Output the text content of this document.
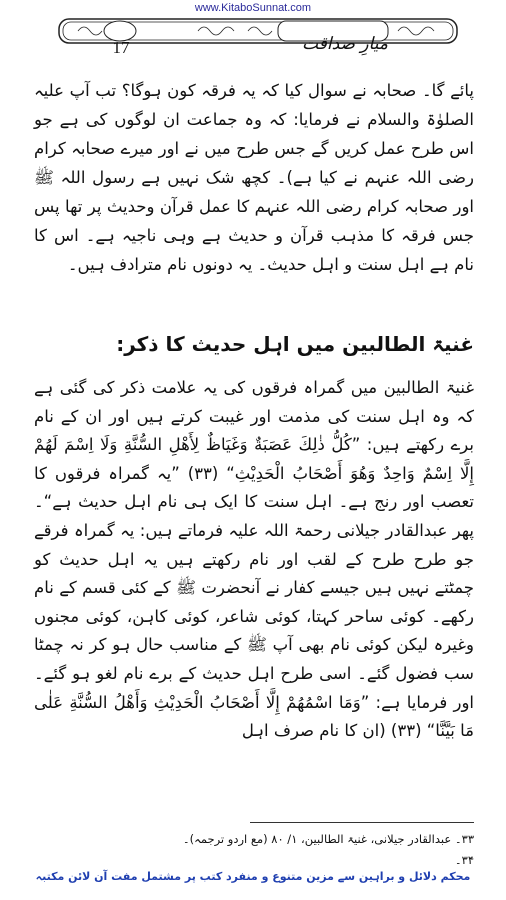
www.KitaboSunnat.com
17	میارِ صداقت

پائے گا۔ صحابہ نے سوال کیا کہ یہ فرقہ کون ہوگا؟ تب آپ علیہ الصلوٰۃ والسلام نے فرمایا: کہ وہ جماعت ان لوگوں کی ہے جو اس طرح عمل کریں گے جس طرح میں نے اور میرے صحابہ کرام رضی اللہ عنہم نے کیا ہے)۔ کچھ شک نہیں ہے رسول اللہ ﷺ اور صحابہ کرام رضی اللہ عنہم کا عمل قرآن وحدیث پر تھا پس جس فرقہ کا مذہب قرآن و حدیث ہے وہی ناجیہ ہے۔ اس کا نام ہے اہل سنت و اہل حدیث۔ یہ دونوں نام مترادف ہیں۔

غنیۃ الطالبین میں اہل حدیث کا ذکر:

غنیۃ الطالبین میں گمراہ فرقوں کی یہ علامت ذکر کی گئی ہے کہ وہ اہل سنت کی مذمت اور غیبت کرتے ہیں اور ان کے نام برے رکھتے ہیں: ”كُلُّ ذٰلِكَ عَصَبَةٌ وَغَيَاظٌ لِأَهْلِ السُّنَّةِ وَلَا اِسْمَ لَهُمْ إِلَّا اِسْمٌ وَاحِدٌ وَهُوَ أَصْحَابُ الْحَدِيْثِ“ (۳۳) ”یہ گمراہ فرقوں کا تعصب اور رنج ہے۔ اہل سنت کا ایک ہی نام اہل حدیث ہے“۔ پھر عبدالقادر جیلانی رحمۃ اللہ علیہ فرماتے ہیں: یہ گمراہ فرقے جو طرح طرح کے لقب اور نام رکھتے ہیں یہ اہل حدیث کو چمٹتے نہیں ہیں جیسے کفار نے آنحضرت ﷺ کے کئی قسم کے نام رکھے۔ کوئی ساحر کہتا، کوئی شاعر، کوئی کاہن، کوئی مجنوں وغیرہ لیکن کوئی نام بھی آپ ﷺ کے مناسب حال ہو کر نہ چمٹا سب فضول گئے۔ اسی طرح اہل حدیث کے برے نام لغو ہو گئے۔ اور فرمایا ہے: ”وَمَا اسْمُهُمْ إِلَّا أَصْحَابُ الْحَدِيْثِ وَأَهْلُ السُّنَّةِ عَلٰى مَا بَيَّنَّا“ (۳۳) (ان کا نام صرف اہل

۳۳۔ عبدالقادر جیلانی، غنیۃ الطالبین، ۱/ ۸۰ (مع اردو ترجمہ)۔
۳۴۔
محکم دلائل و براہین سے مزین متنوع و منفرد کتب پر مشتمل مفت آن لائن مکتبہ
